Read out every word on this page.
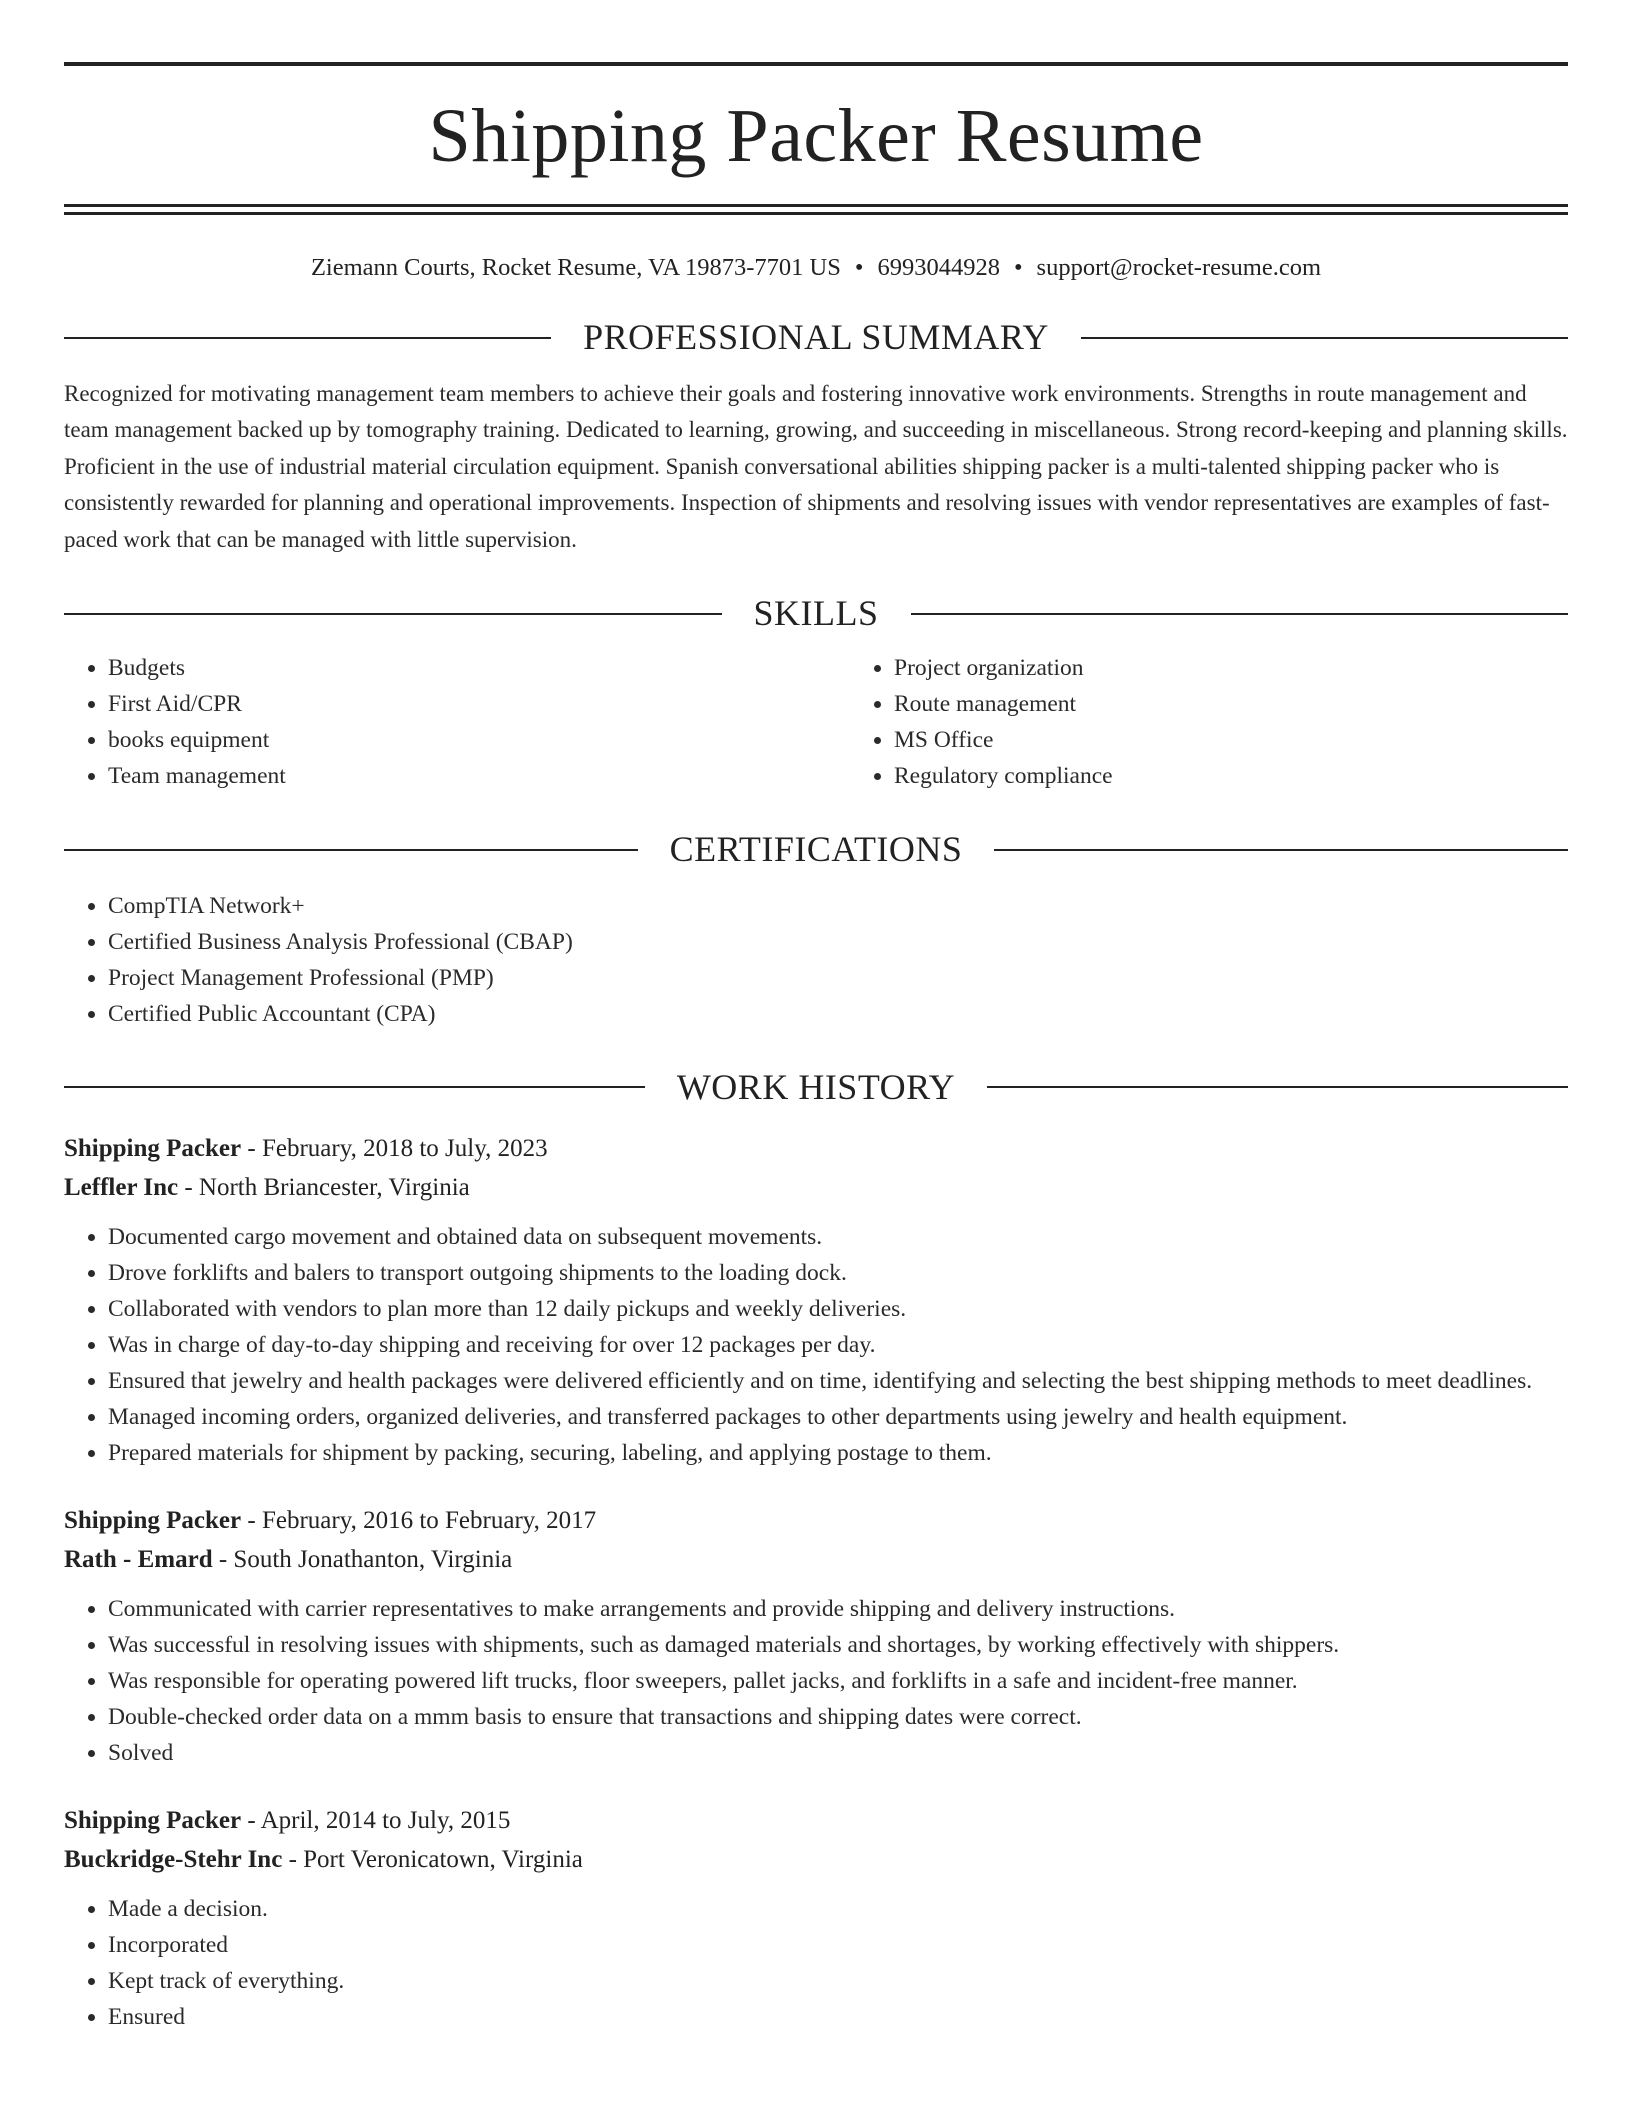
Shipping Packer Resume
Ziemann Courts, Rocket Resume, VA 19873-7701 US • 6993044928 • support@rocket-resume.com
PROFESSIONAL SUMMARY
Recognized for motivating management team members to achieve their goals and fostering innovative work environments. Strengths in route management and team management backed up by tomography training. Dedicated to learning, growing, and succeeding in miscellaneous. Strong record-keeping and planning skills. Proficient in the use of industrial material circulation equipment. Spanish conversational abilities shipping packer is a multi-talented shipping packer who is consistently rewarded for planning and operational improvements. Inspection of shipments and resolving issues with vendor representatives are examples of fast-paced work that can be managed with little supervision.
SKILLS
• Budgets
• First Aid/CPR
• books equipment
• Team management
• Project organization
• Route management
• MS Office
• Regulatory compliance
CERTIFICATIONS
• CompTIA Network+
• Certified Business Analysis Professional (CBAP)
• Project Management Professional (PMP)
• Certified Public Accountant (CPA)
WORK HISTORY
Shipping Packer - February, 2018 to July, 2023
Leffler Inc - North Briancester, Virginia
• Documented cargo movement and obtained data on subsequent movements.
• Drove forklifts and balers to transport outgoing shipments to the loading dock.
• Collaborated with vendors to plan more than 12 daily pickups and weekly deliveries.
• Was in charge of day-to-day shipping and receiving for over 12 packages per day.
• Ensured that jewelry and health packages were delivered efficiently and on time, identifying and selecting the best shipping methods to meet deadlines.
• Managed incoming orders, organized deliveries, and transferred packages to other departments using jewelry and health equipment.
• Prepared materials for shipment by packing, securing, labeling, and applying postage to them.
Shipping Packer - February, 2016 to February, 2017
Rath - Emard - South Jonathanton, Virginia
• Communicated with carrier representatives to make arrangements and provide shipping and delivery instructions.
• Was successful in resolving issues with shipments, such as damaged materials and shortages, by working effectively with shippers.
• Was responsible for operating powered lift trucks, floor sweepers, pallet jacks, and forklifts in a safe and incident-free manner.
• Double-checked order data on a mmm basis to ensure that transactions and shipping dates were correct.
• Solved
Shipping Packer - April, 2014 to July, 2015
Buckridge-Stehr Inc - Port Veronicatown, Virginia
• Made a decision.
• Incorporated
• Kept track of everything.
• Ensured
